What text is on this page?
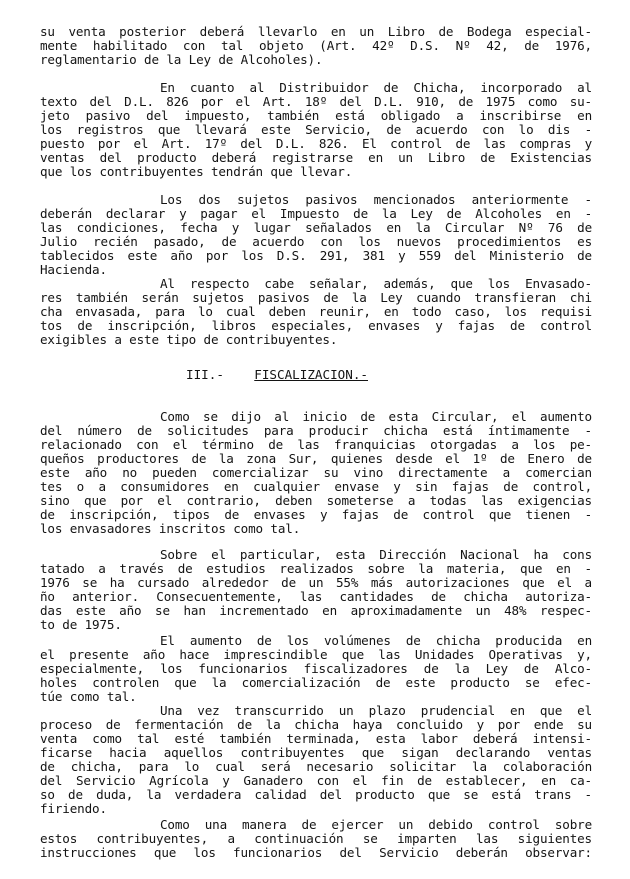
su venta posterior deberá llevarlo en un Libro de Bodega especial-
mente habilitado con tal objeto (Art. 42º D.S. Nº 42, de 1976,
reglamentario de la Ley de Alcoholes).
En cuanto al Distribuidor de Chicha, incorporado al
texto del D.L. 826 por el Art. 18º del D.L. 910, de 1975 como su-
jeto pasivo del impuesto, también está obligado a inscribirse en
los registros que llevará este Servicio, de acuerdo con lo dis -
puesto por el Art. 17º del D.L. 826. El control de las compras y
ventas del producto deberá registrarse en un Libro de Existencias
que los contribuyentes tendrán que llevar.
Los dos sujetos pasivos mencionados anteriormente -
deberán declarar y pagar el Impuesto de la Ley de Alcoholes en -
las condiciones, fecha y lugar señalados en la Circular Nº 76 de
Julio recién pasado, de acuerdo con los nuevos procedimientos es
tablecidos este año por los D.S. 291, 381 y 559 del Ministerio de
Hacienda.
Al respecto cabe señalar, además, que los Envasado-
res también serán sujetos pasivos de la Ley cuando transfieran chi
cha envasada, para lo cual deben reunir, en todo caso, los requisi
tos de inscripción, libros especiales, envases y fajas de control
exigibles a este tipo de contribuyentes.
III.- FISCALIZACION.-
Como se dijo al inicio de esta Circular, el aumento
del número de solicitudes para producir chicha está íntimamente -
relacionado con el término de las franquicias otorgadas a los pe-
queños productores de la zona Sur, quienes desde el 1º de Enero de
este año no pueden comercializar su vino directamente a comercian
tes o a consumidores en cualquier envase y sin fajas de control,
sino que por el contrario, deben someterse a todas las exigencias
de inscripción, tipos de envases y fajas de control que tienen -
los envasadores inscritos como tal.
Sobre el particular, esta Dirección Nacional ha cons
tatado a través de estudios realizados sobre la materia, que en -
1976 se ha cursado alrededor de un 55% más autorizaciones que el a
ño anterior. Consecuentemente, las cantidades de chicha autoriza-
das este año se han incrementado en aproximadamente un 48% respec-
to de 1975.
El aumento de los volúmenes de chicha producida en
el presente año hace imprescindible que las Unidades Operativas y,
especialmente, los funcionarios fiscalizadores de la Ley de Alco-
holes controlen que la comercialización de este producto se efec-
túe como tal.
Una vez transcurrido un plazo prudencial en que el
proceso de fermentación de la chicha haya concluido y por ende su
venta como tal esté también terminada, esta labor deberá intensi-
ficarse hacia aquellos contribuyentes que sigan declarando ventas
de chicha, para lo cual será necesario solicitar la colaboración
del Servicio Agrícola y Ganadero con el fin de establecer, en ca-
so de duda, la verdadera calidad del producto que se está trans -
firiendo.
Como una manera de ejercer un debido control sobre
estos contribuyentes, a continuación se imparten las siguientes
instrucciones que los funcionarios del Servicio deberán observar:
